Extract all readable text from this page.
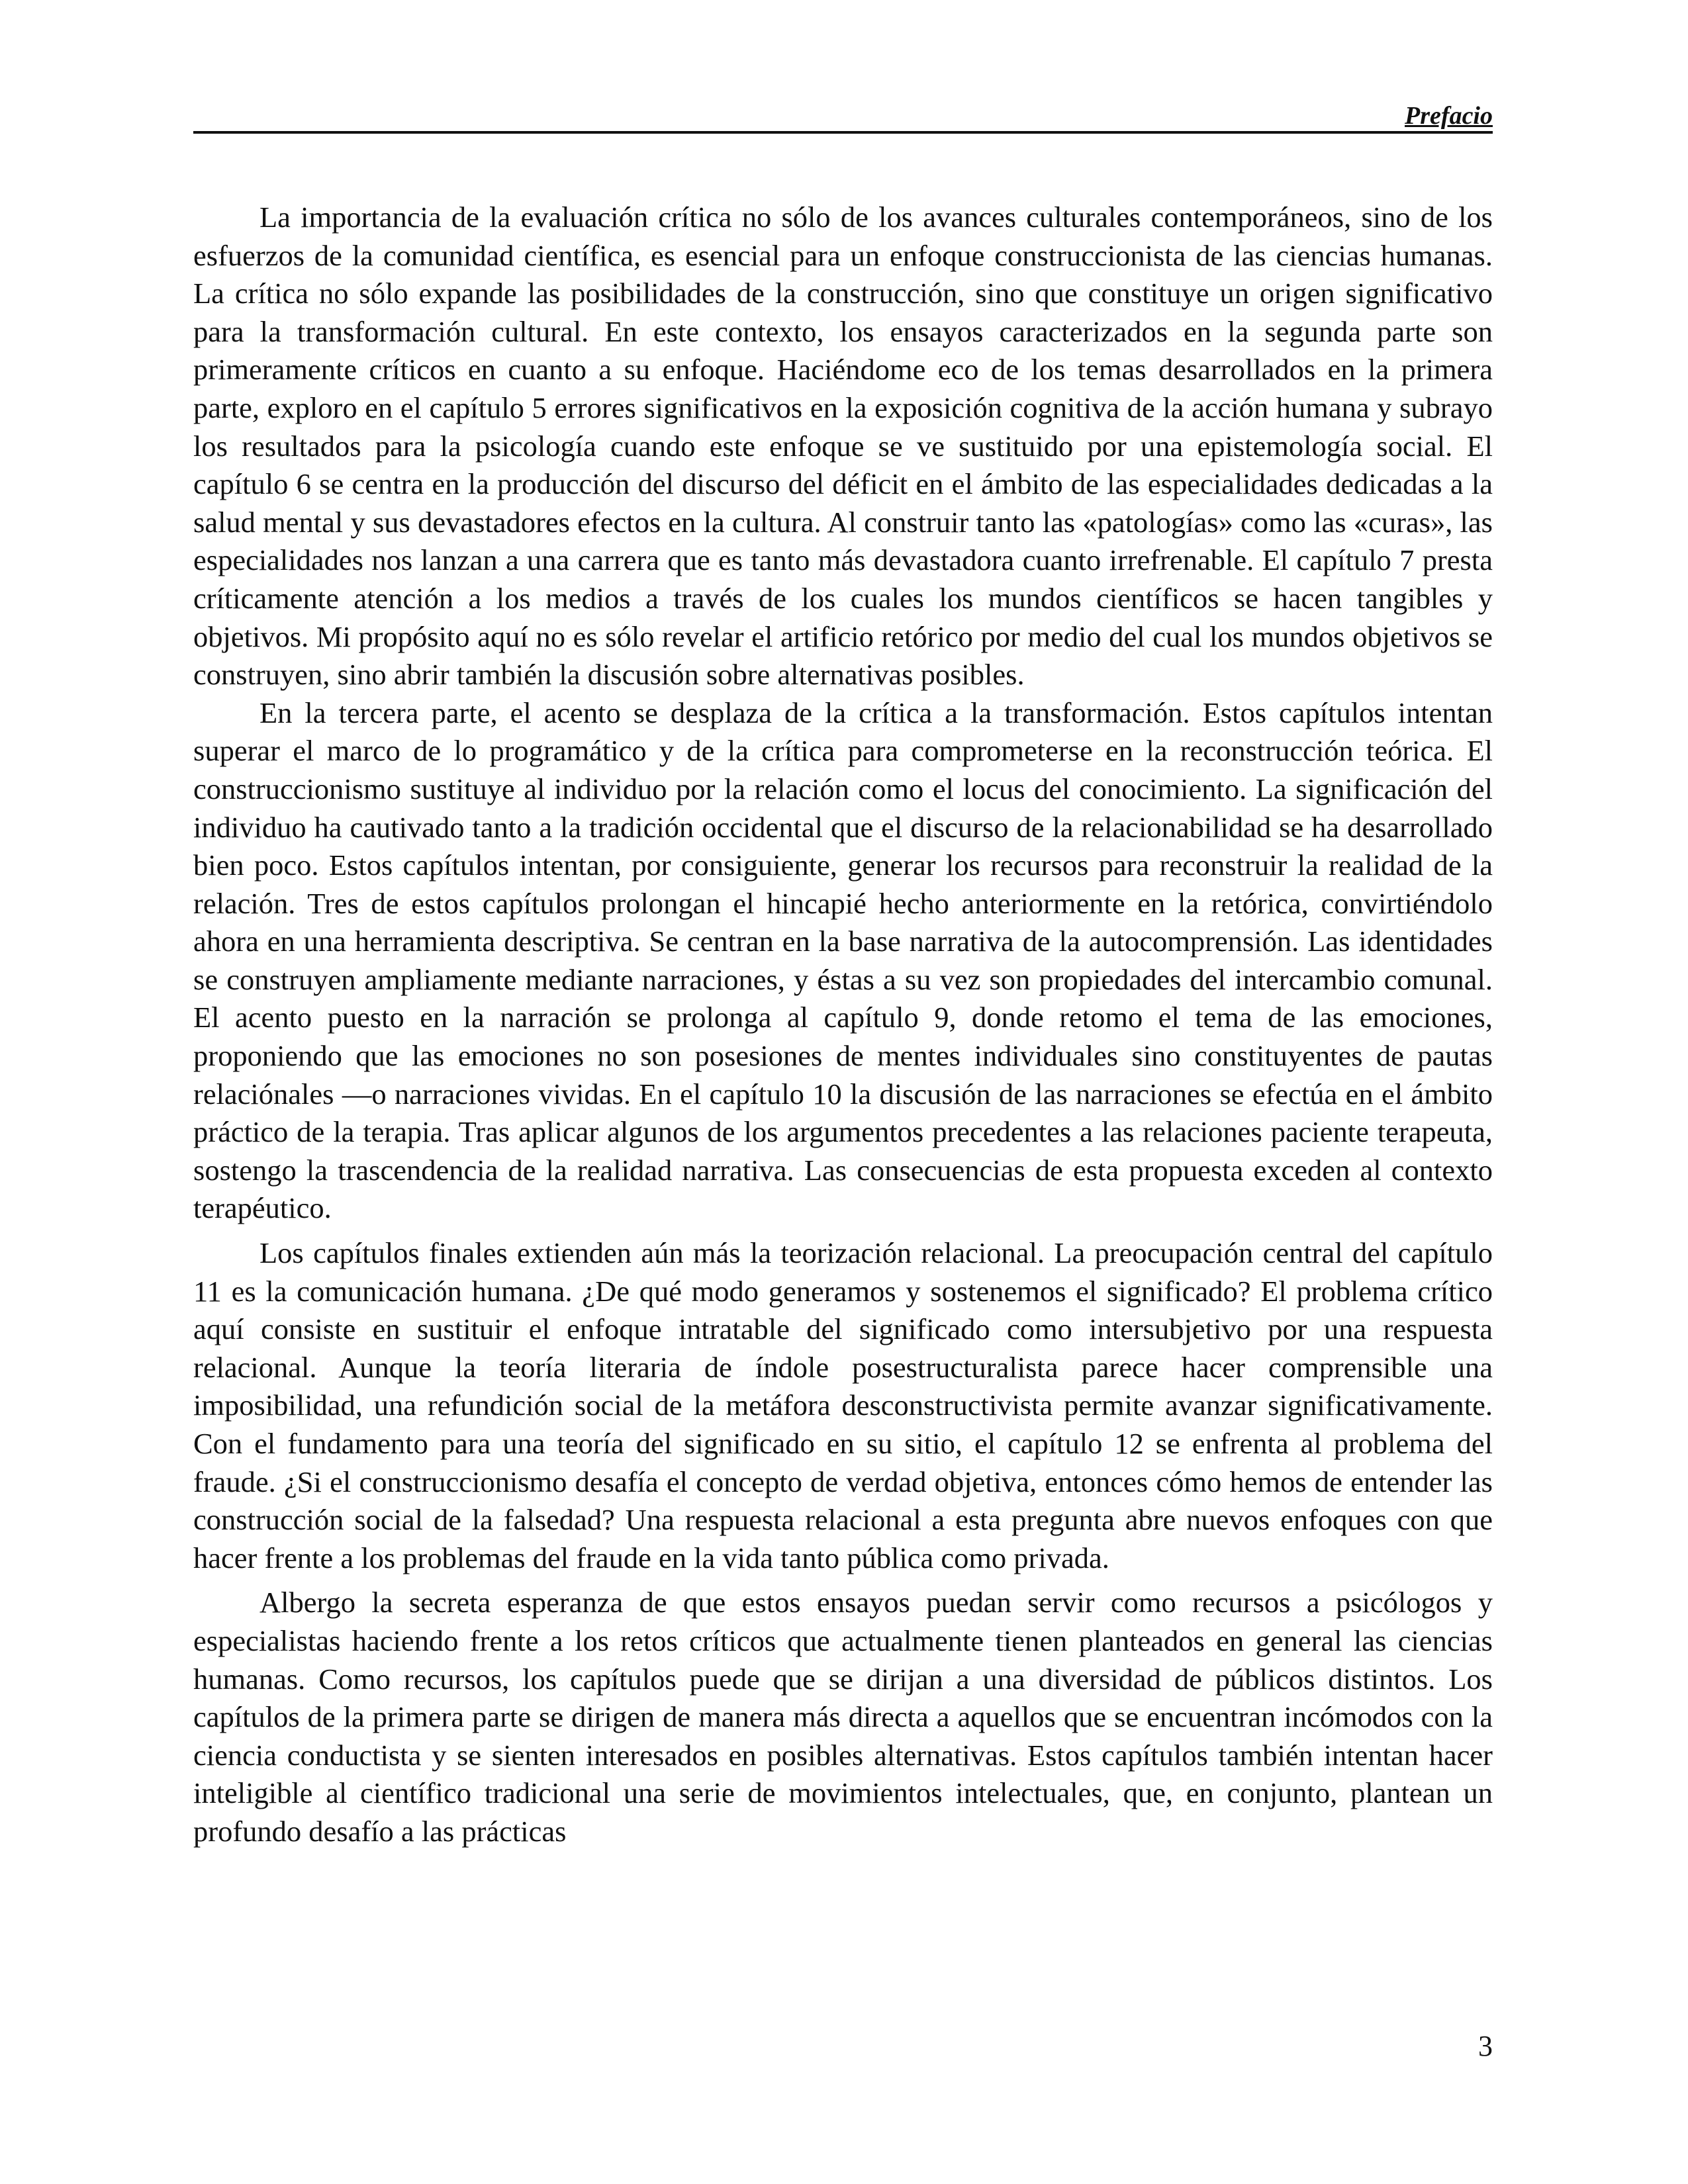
Prefacio

La importancia de la evaluación crítica no sólo de los avances culturales contemporáneos, sino de los esfuerzos de la comunidad científica, es esencial para un enfoque construccionista de las ciencias humanas. La crítica no sólo expande las posibilidades de la construcción, sino que constituye un origen significativo para la transformación cultural. En este contexto, los ensayos caracterizados en la segunda parte son primeramente críticos en cuanto a su enfoque. Haciéndome eco de los temas desarrollados en la primera parte, exploro en el capítulo 5 errores significativos en la exposición cognitiva de la acción humana y subrayo los resultados para la psicología cuando este enfoque se ve sustituido por una epistemología social. El capítulo 6 se centra en la producción del discurso del déficit en el ámbito de las especialidades dedicadas a la salud mental y sus devastadores efectos en la cultura. Al construir tanto las «patologías» como las «curas», las especialidades nos lanzan a una carrera que es tanto más devastadora cuanto irrefrenable. El capítulo 7 presta críticamente atención a los medios a través de los cuales los mundos científicos se hacen tangibles y objetivos. Mi propósito aquí no es sólo revelar el artificio retórico por medio del cual los mundos objetivos se construyen, sino abrir también la discusión sobre alternativas posibles.

En la tercera parte, el acento se desplaza de la crítica a la transformación. Estos capítulos intentan superar el marco de lo programático y de la crítica para comprometerse en la reconstrucción teórica. El construccionismo sustituye al individuo por la relación como el locus del conocimiento. La significación del individuo ha cautivado tanto a la tradición occidental que el discurso de la relacionabilidad se ha desarrollado bien poco. Estos capítulos intentan, por consiguiente, generar los recursos para reconstruir la realidad de la relación. Tres de estos capítulos prolongan el hincapié hecho anteriormente en la retórica, convirtiéndolo ahora en una herramienta descriptiva. Se centran en la base narrativa de la autocomprensión. Las identidades se construyen ampliamente mediante narraciones, y éstas a su vez son propiedades del intercambio comunal. El acento puesto en la narración se prolonga al capítulo 9, donde retomo el tema de las emociones, proponiendo que las emociones no son posesiones de mentes individuales sino constituyentes de pautas relaciónales —o narraciones vividas. En el capítulo 10 la discusión de las narraciones se efectúa en el ámbito práctico de la terapia. Tras aplicar algunos de los argumentos precedentes a las relaciones paciente terapeuta, sostengo la trascendencia de la realidad narrativa. Las consecuencias de esta propuesta exceden al contexto terapéutico.

Los capítulos finales extienden aún más la teorización relacional. La preocupación central del capítulo 11 es la comunicación humana. ¿De qué modo generamos y sostenemos el significado? El problema crítico aquí consiste en sustituir el enfoque intratable del significado como intersubjetivo por una respuesta relacional. Aunque la teoría literaria de índole posestructuralista parece hacer comprensible una imposibilidad, una refundición social de la metáfora desconstructivista permite avanzar significativamente. Con el fundamento para una teoría del significado en su sitio, el capítulo 12 se enfrenta al problema del fraude. ¿Si el construccionismo desafía el concepto de verdad objetiva, entonces cómo hemos de entender las construcción social de la falsedad? Una respuesta relacional a esta pregunta abre nuevos enfoques con que hacer frente a los problemas del fraude en la vida tanto pública como privada.

Albergo la secreta esperanza de que estos ensayos puedan servir como recursos a psicólogos y especialistas haciendo frente a los retos críticos que actualmente tienen planteados en general las ciencias humanas. Como recursos, los capítulos puede que se dirijan a una diversidad de públicos distintos. Los capítulos de la primera parte se dirigen de manera más directa a aquellos que se encuentran incómodos con la ciencia conductista y se sienten interesados en posibles alternativas. Estos capítulos también intentan hacer inteligible al científico tradicional una serie de movimientos intelectuales, que, en conjunto, plantean un profundo desafío a las prácticas

3
